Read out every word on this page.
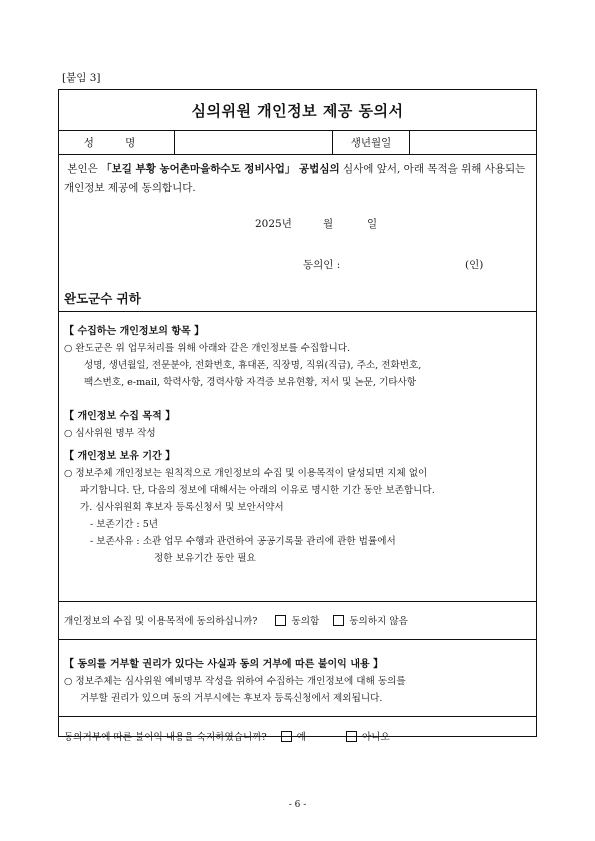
[붙임 3]
심의위원 개인정보 제공 동의서
성 명	생년월일
본인은 「보길 부황 농어촌마을하수도 정비사업」 공법심의 심사에 앞서, 아래 목적을 위해 사용되는 개인정보 제공에 동의합니다.
2025년	월	일
동의인 :	(인)
완도군수 귀하
【 수집하는 개인정보의 항목 】
○ 완도군은 위 업무처리를 위해 아래와 같은 개인정보를 수집합니다.
성명, 생년월일, 전문분야, 전화번호, 휴대폰, 직장명, 직위(직급), 주소, 전화번호,
팩스번호, e-mail, 학력사항, 경력사항 자격증 보유현황, 저서 및 논문, 기타사항
【 개인정보 수집 목적 】
○ 심사위원 명부 작성
【 개인정보 보유 기간 】
○ 정보주체 개인정보는 원칙적으로 개인정보의 수집 및 이용목적이 달성되면 지체 없이
파기합니다. 단, 다음의 정보에 대해서는 아래의 이유로 명시한 기간 동안 보존합니다.
가. 심사위원회 후보자 등록신청서 및 보안서약서
- 보존기간 : 5년
- 보존사유 : 소관 업무 수행과 관련하여 공공기록물 관리에 관한 법률에서
정한 보유기간 동안 필요
개인정보의 수집 및 이용목적에 동의하십니까?	동의함	동의하지 않음
【 동의를 거부할 권리가 있다는 사실과 동의 거부에 따른 불이익 내용 】
○ 정보주체는 심사위원 예비명부 작성을 위하여 수집하는 개인정보에 대해 동의를
거부할 권리가 있으며 동의 거부시에는 후보자 등록신청에서 제외됩니다.
동의거부에 따른 불이익 내용을 숙지하였습니까?	예	아니오
- 6 -
